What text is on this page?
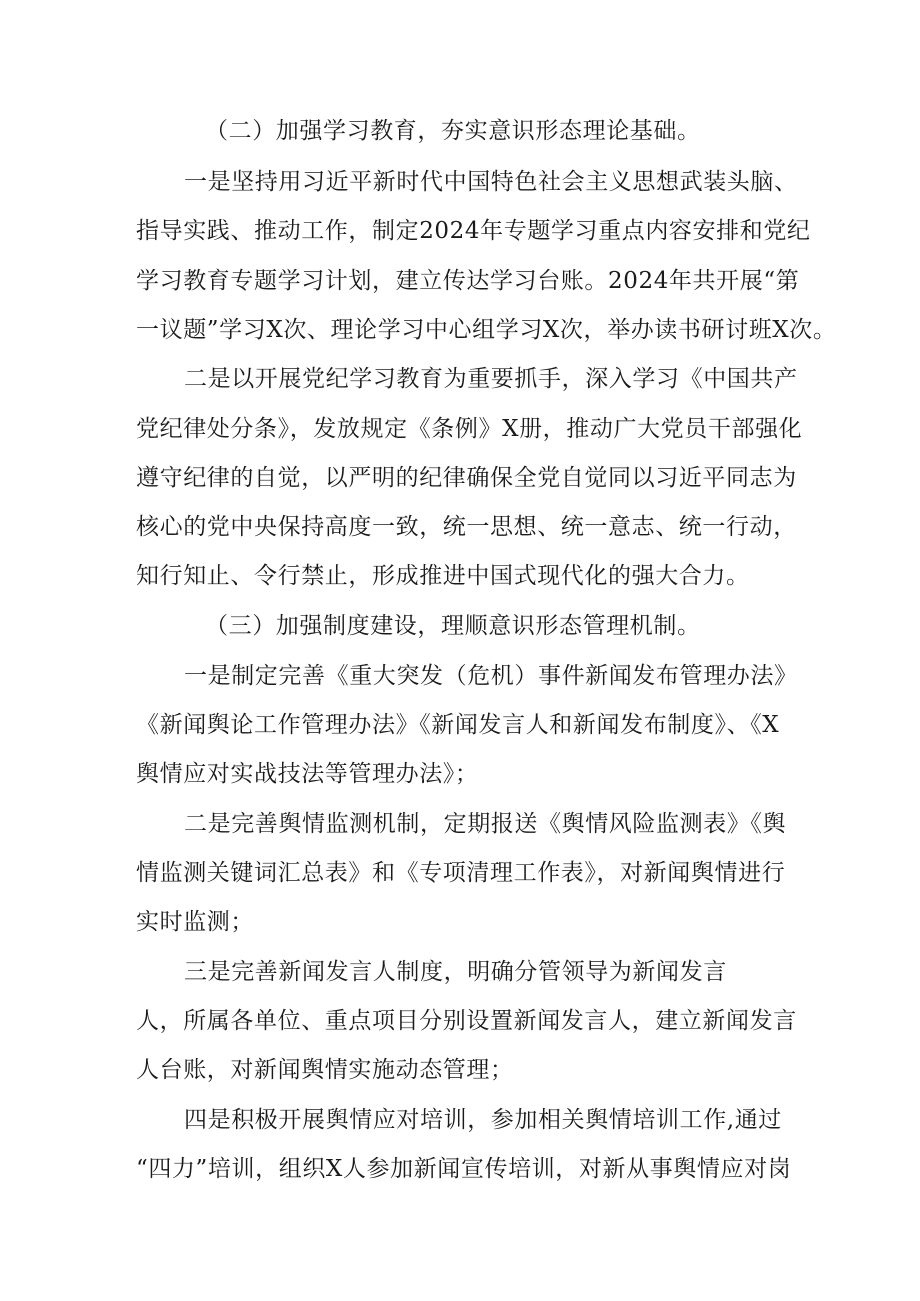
（二）加强学习教育，夯实意识形态理论基础。
一是坚持用习近平新时代中国特色社会主义思想武装头脑、
指导实践、推动工作，制定2024年专题学习重点内容安排和党纪
学习教育专题学习计划，建立传达学习台账。2024年共开展“第
一议题”学习X次、理论学习中心组学习X次，举办读书研讨班X次。
二是以开展党纪学习教育为重要抓手，深入学习《中国共产
党纪律处分条》，发放规定《条例》X册，推动广大党员干部强化
遵守纪律的自觉，以严明的纪律确保全党自觉同以习近平同志为
核心的党中央保持高度一致，统一思想、统一意志、统一行动，
知行知止、令行禁止，形成推进中国式现代化的强大合力。
（三）加强制度建设，理顺意识形态管理机制。
一是制定完善《重大突发（危机）事件新闻发布管理办法》
《新闻舆论工作管理办法》《新闻发言人和新闻发布制度》、《X
舆情应对实战技法等管理办法》；
二是完善舆情监测机制，定期报送《舆情风险监测表》《舆
情监测关键词汇总表》和《专项清理工作表》，对新闻舆情进行
实时监测；
三是完善新闻发言人制度，明确分管领导为新闻发言
人，所属各单位、重点项目分别设置新闻发言人，建立新闻发言
人台账，对新闻舆情实施动态管理；
四是积极开展舆情应对培训，参加相关舆情培训工作,通过
“四力”培训，组织X人参加新闻宣传培训，对新从事舆情应对岗
